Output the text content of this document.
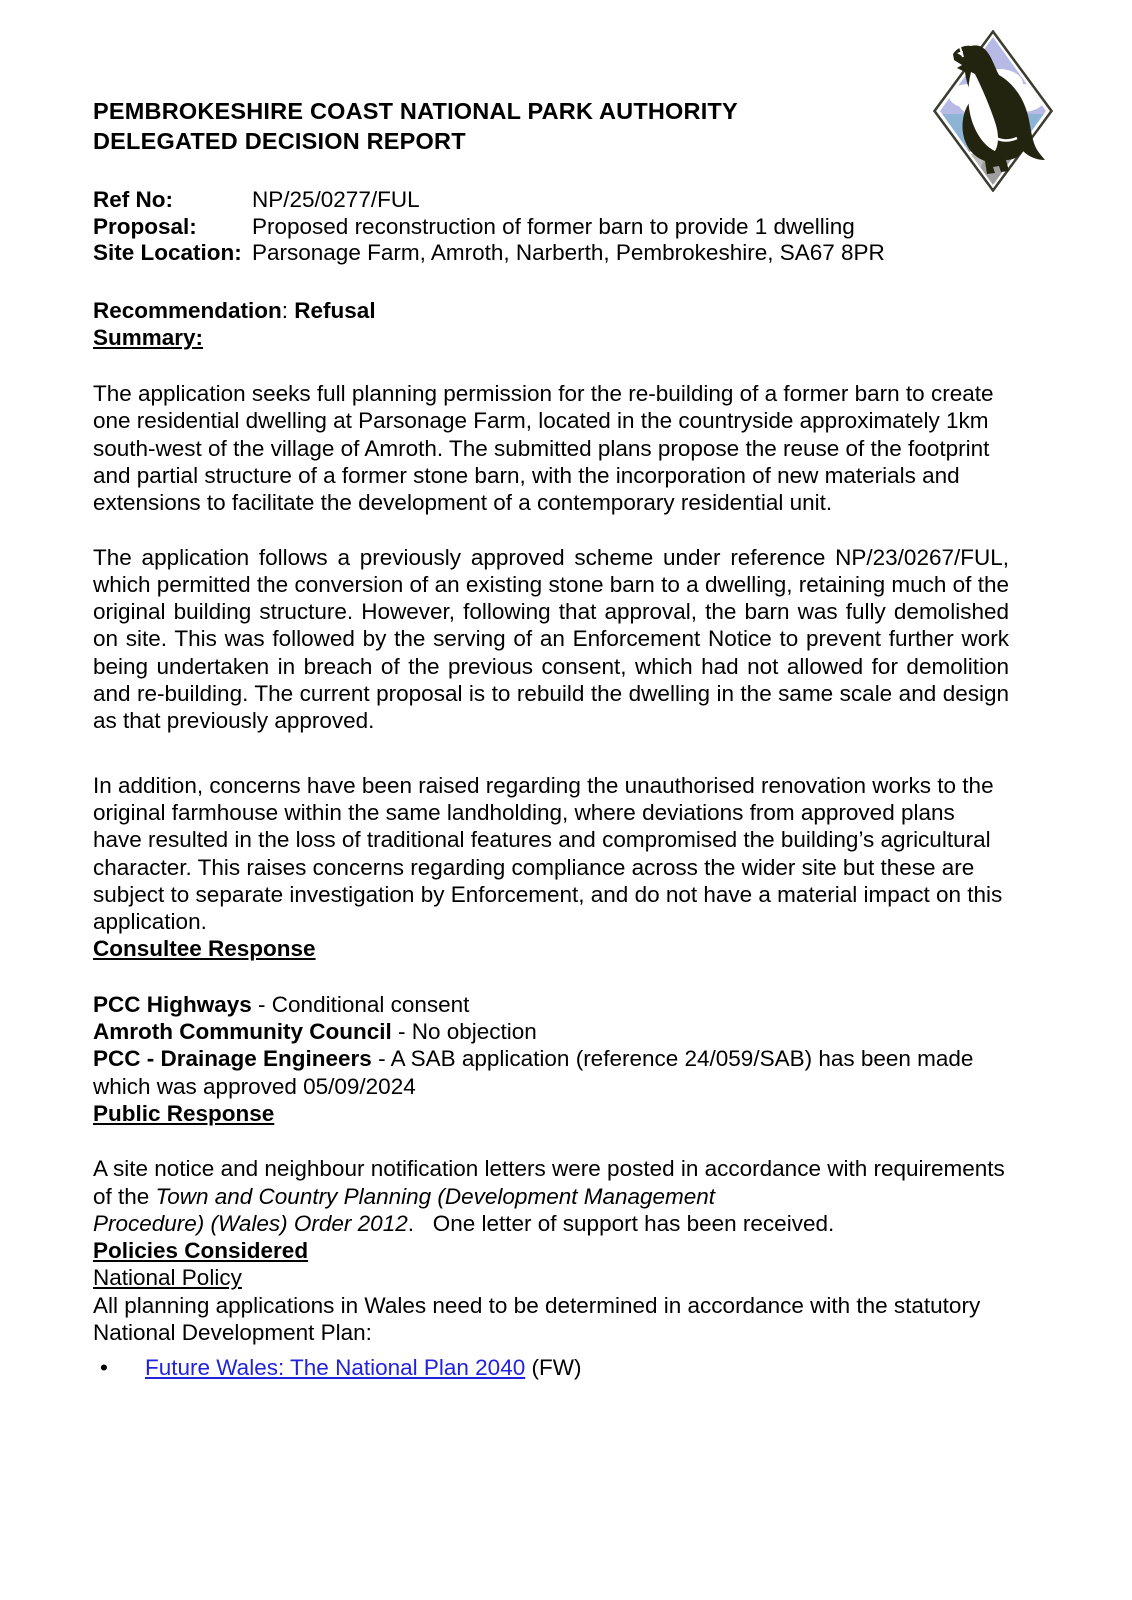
PEMBROKESHIRE COAST NATIONAL PARK AUTHORITY
DELEGATED DECISION REPORT
Ref No:	NP/25/0277/FUL
Proposal:	Proposed reconstruction of former barn to provide 1 dwelling
Site Location: Parsonage Farm, Amroth, Narberth, Pembrokeshire, SA67 8PR

Recommendation: Refusal

Summary:

The application seeks full planning permission for the re-building of a former barn to create one residential dwelling at Parsonage Farm, located in the countryside approximately 1km south-west of the village of Amroth. The submitted plans propose the reuse of the footprint and partial structure of a former stone barn, with the incorporation of new materials and extensions to facilitate the development of a contemporary residential unit.

The application follows a previously approved scheme under reference NP/23/0267/FUL, which permitted the conversion of an existing stone barn to a dwelling, retaining much of the original building structure. However, following that approval, the barn was fully demolished on site. This was followed by the serving of an Enforcement Notice to prevent further work being undertaken in breach of the previous consent, which had not allowed for demolition and re-building. The current proposal is to rebuild the dwelling in the same scale and design as that previously approved.

In addition, concerns have been raised regarding the unauthorised renovation works to the original farmhouse within the same landholding, where deviations from approved plans have resulted in the loss of traditional features and compromised the building’s agricultural character. This raises concerns regarding compliance across the wider site but these are subject to separate investigation by Enforcement, and do not have a material impact on this application.

Consultee Response

PCC Highways - Conditional consent

Amroth Community Council - No objection

PCC - Drainage Engineers - A SAB application (reference 24/059/SAB) has been made which was approved 05/09/2024

Public Response

A site notice and neighbour notification letters were posted in accordance with requirements of the Town and Country Planning (Development Management
Procedure) (Wales) Order 2012.   One letter of support has been received.

Policies Considered
National Policy

All planning applications in Wales need to be determined in accordance with the statutory National Development Plan:

•	Future Wales: The National Plan 2040 (FW)
